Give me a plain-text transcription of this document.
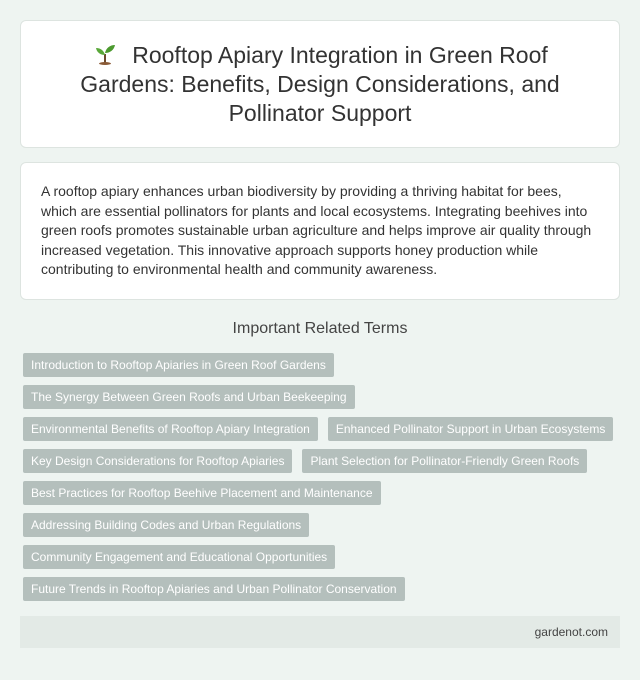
Rooftop Apiary Integration in Green Roof Gardens: Benefits, Design Considerations, and Pollinator Support

A rooftop apiary enhances urban biodiversity by providing a thriving habitat for bees, which are essential pollinators for plants and local ecosystems. Integrating beehives into green roofs promotes sustainable urban agriculture and helps improve air quality through increased vegetation. This innovative approach supports honey production while contributing to environmental health and community awareness.

Important Related Terms
Introduction to Rooftop Apiaries in Green Roof Gardens
The Synergy Between Green Roofs and Urban Beekeeping
Environmental Benefits of Rooftop Apiary Integration	Enhanced Pollinator Support in Urban Ecosystems
Key Design Considerations for Rooftop Apiaries	Plant Selection for Pollinator-Friendly Green Roofs
Best Practices for Rooftop Beehive Placement and Maintenance
Addressing Building Codes and Urban Regulations
Community Engagement and Educational Opportunities
Future Trends in Rooftop Apiaries and Urban Pollinator Conservation
gardenot.com
